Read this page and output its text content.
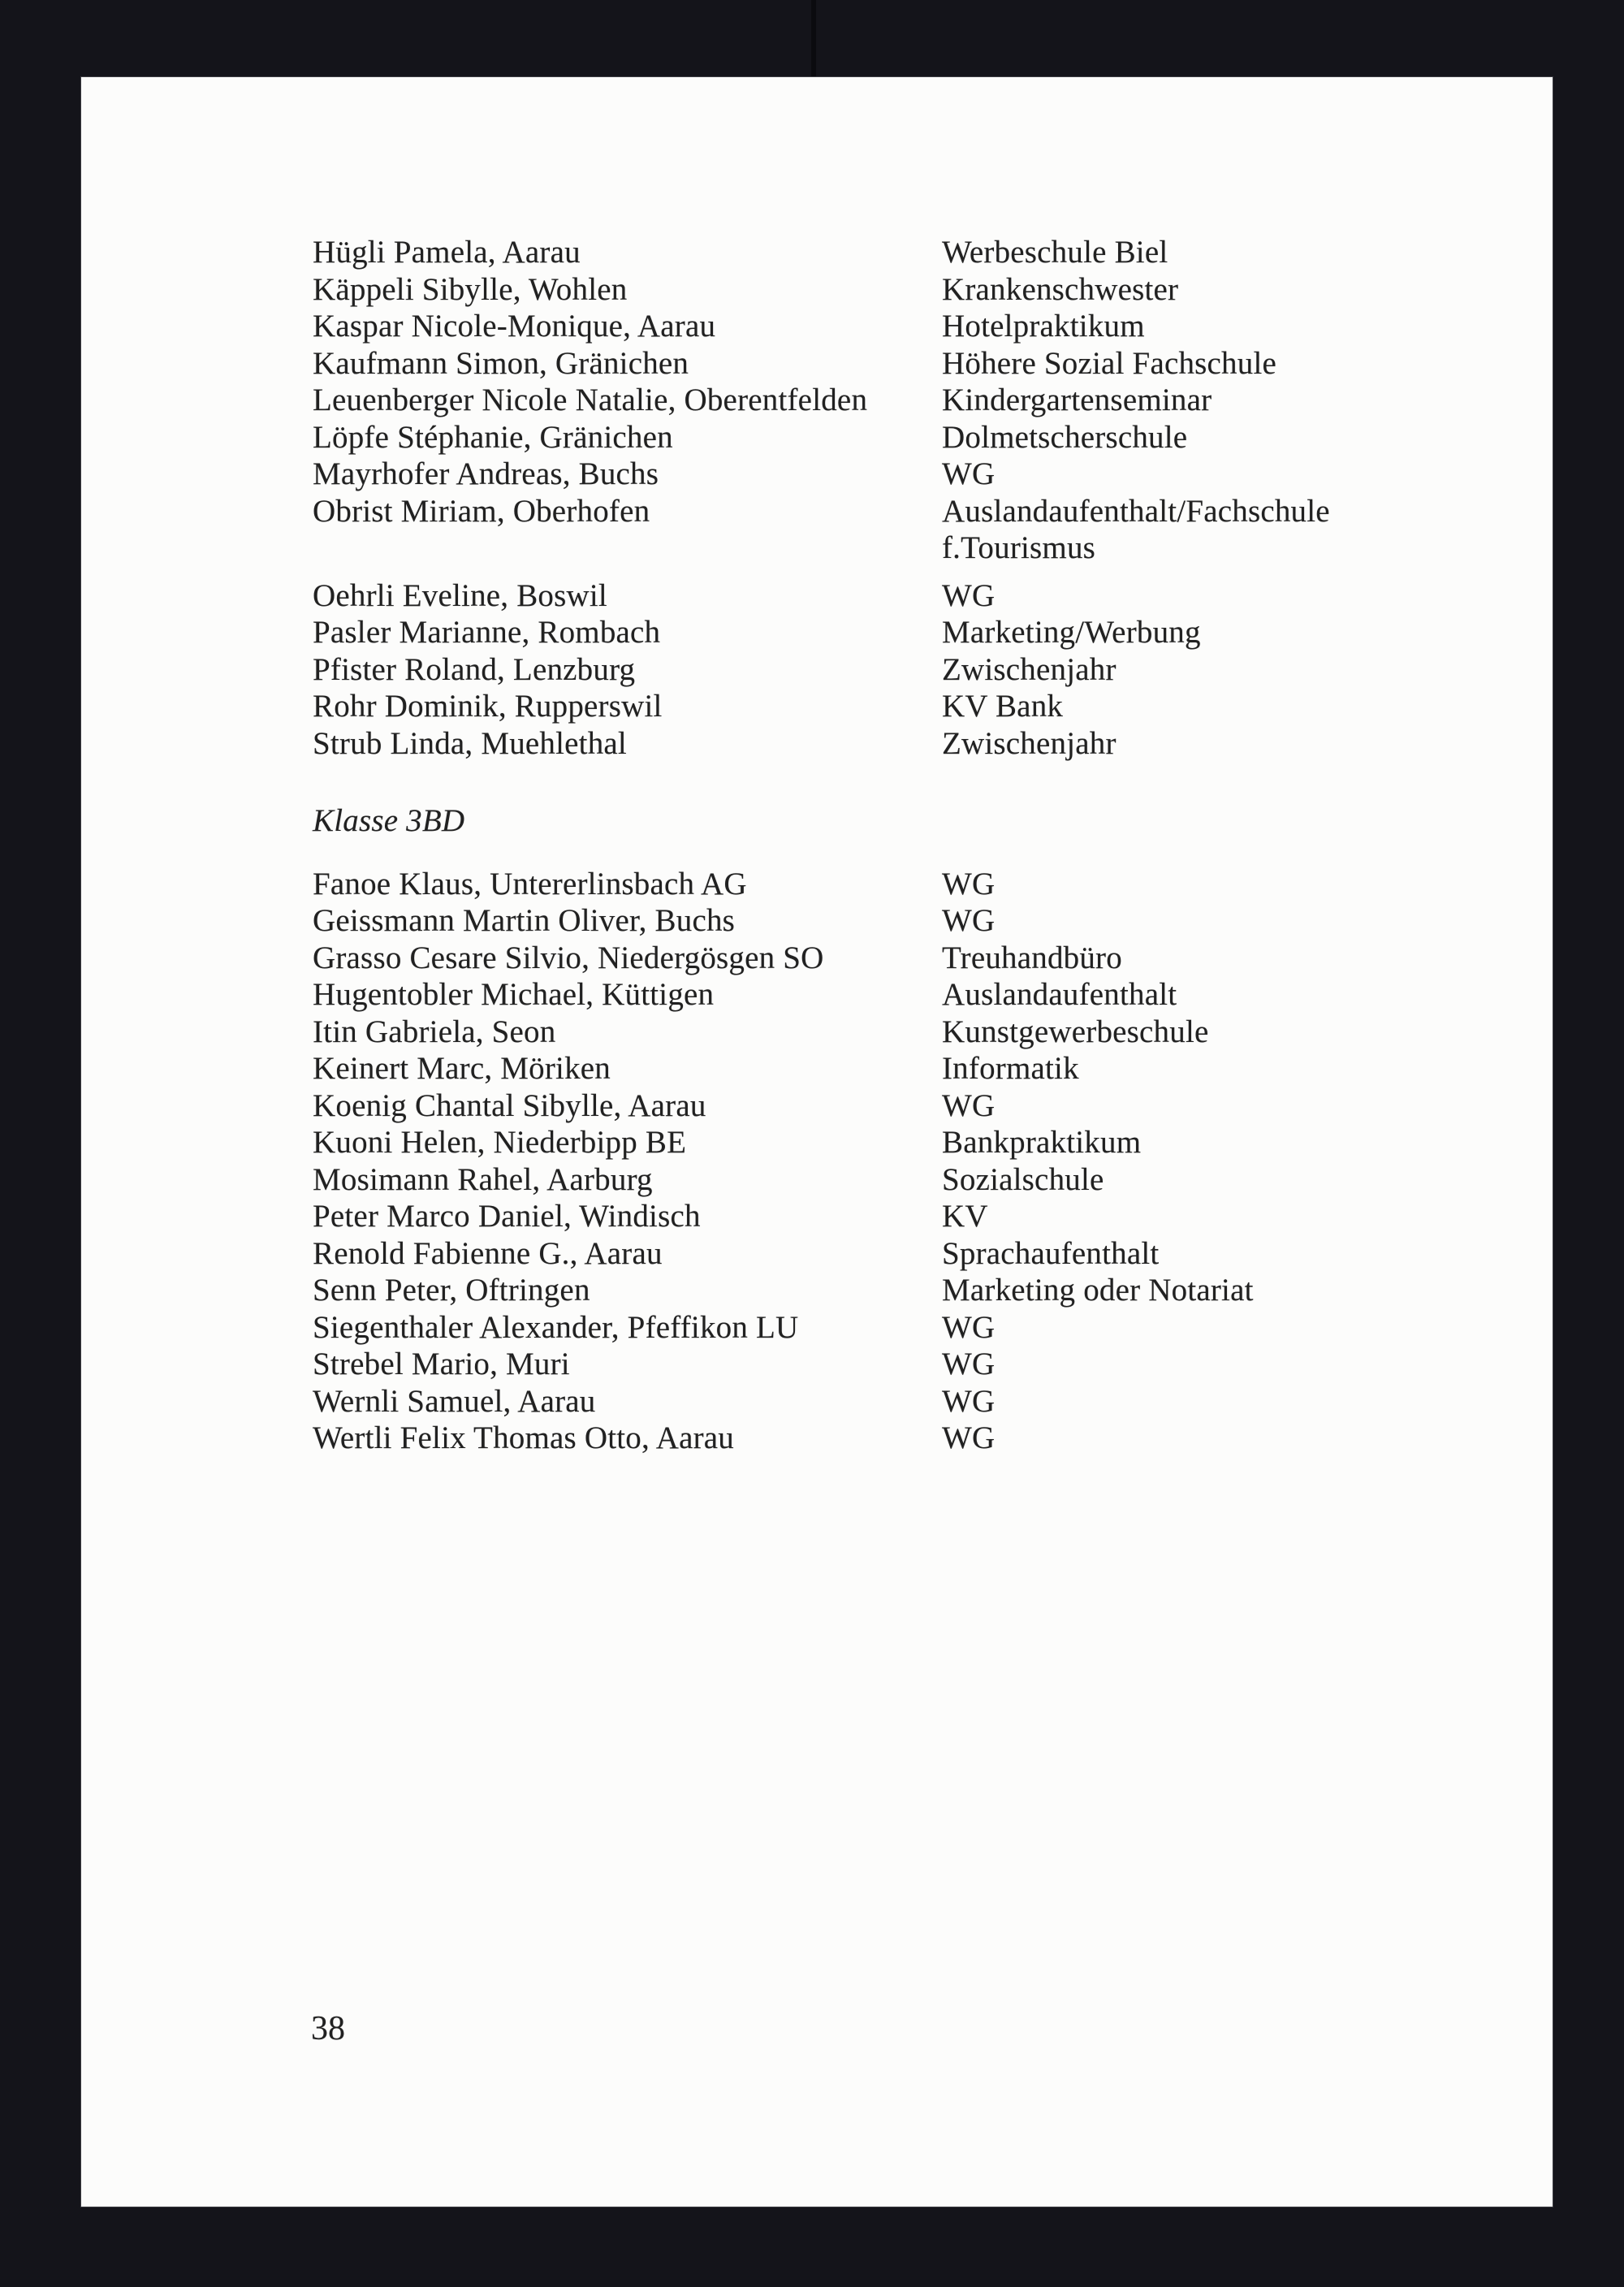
Hügli Pamela, Aarau	Werbeschule Biel
Käppeli Sibylle, Wohlen	Krankenschwester
Kaspar Nicole-Monique, Aarau	Hotelpraktikum
Kaufmann Simon, Gränichen	Höhere Sozial Fachschule
Leuenberger Nicole Natalie, Oberentfelden	Kindergartenseminar
Löpfe Stéphanie, Gränichen	Dolmetscherschule
Mayrhofer Andreas, Buchs	WG
Obrist Miriam, Oberhofen	Auslandaufenthalt/Fachschule
f.Tourismus
Oehrli Eveline, Boswil	WG
Pasler Marianne, Rombach	Marketing/Werbung
Pfister Roland, Lenzburg	Zwischenjahr
Rohr Dominik, Rupperswil	KV Bank
Strub Linda, Muehlethal	Zwischenjahr
Klasse 3BD
Fanoe Klaus, Untererlinsbach AG	WG
Geissmann Martin Oliver, Buchs	WG
Grasso Cesare Silvio, Niedergösgen SO	Treuhandbüro
Hugentobler Michael, Küttigen	Auslandaufenthalt
Itin Gabriela, Seon	Kunstgewerbeschule
Keinert Marc, Möriken	Informatik
Koenig Chantal Sibylle, Aarau	WG
Kuoni Helen, Niederbipp BE	Bankpraktikum
Mosimann Rahel, Aarburg	Sozialschule
Peter Marco Daniel, Windisch	KV
Renold Fabienne G., Aarau	Sprachaufenthalt
Senn Peter, Oftringen	Marketing oder Notariat
Siegenthaler Alexander, Pfeffikon LU	WG
Strebel Mario, Muri	WG
Wernli Samuel, Aarau	WG
Wertli Felix Thomas Otto, Aarau	WG
38
